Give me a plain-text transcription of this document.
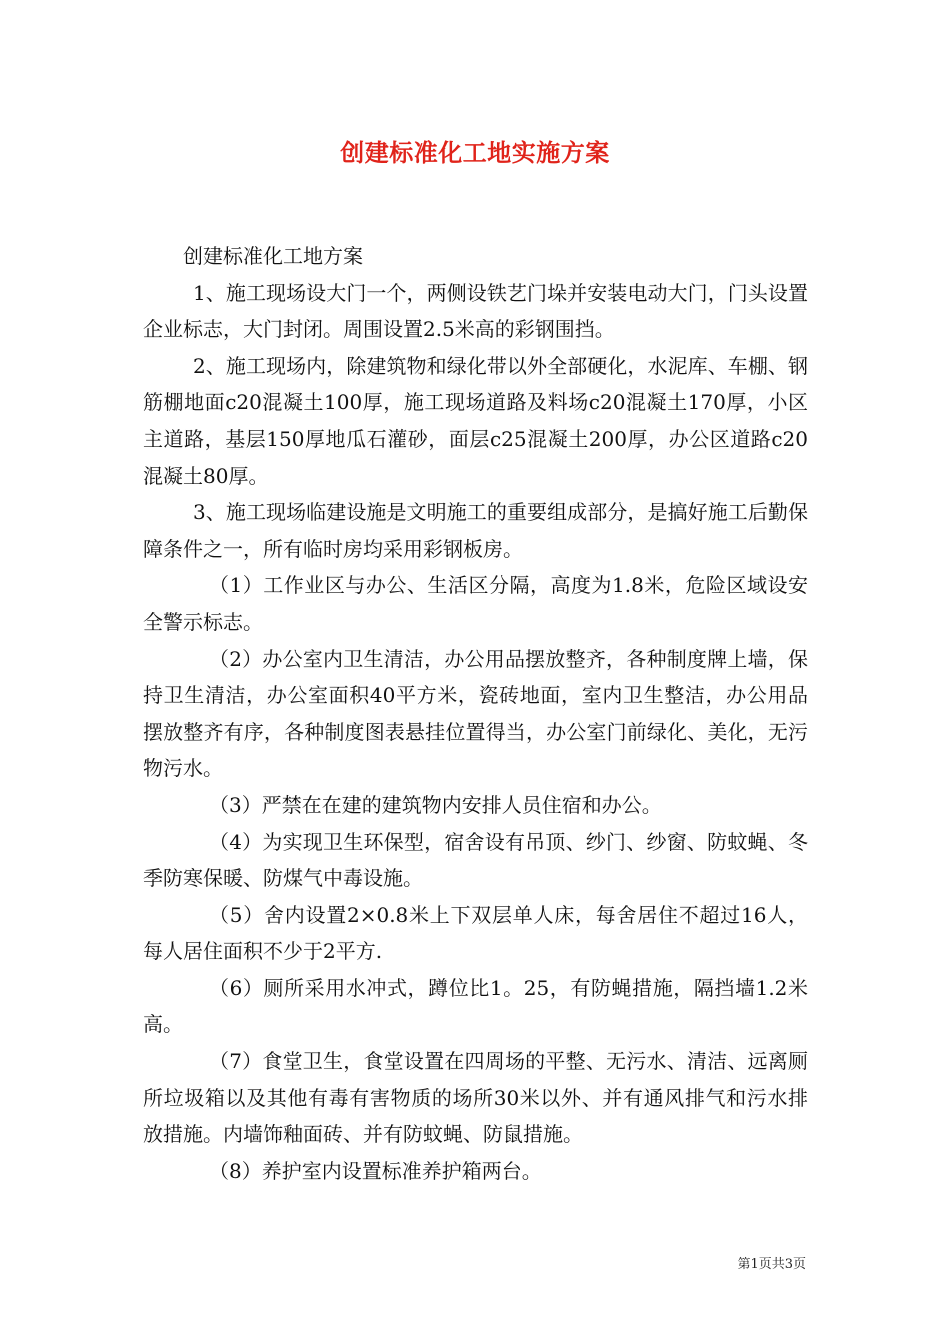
创建标准化工地实施方案

创建标准化工地方案

1、施工现场设大门一个，两侧设铁艺门垛并安装电动大门，门头设置企业标志，大门封闭。周围设置2.5米高的彩钢围挡。

2、施工现场内，除建筑物和绿化带以外全部硬化，水泥库、车棚、钢筋棚地面c20混凝土100厚，施工现场道路及料场c20混凝土170厚，小区主道路，基层150厚地瓜石灌砂，面层c25混凝土200厚，办公区道路c20混凝土80厚。

3、施工现场临建设施是文明施工的重要组成部分，是搞好施工后勤保障条件之一，所有临时房均采用彩钢板房。

（1）工作业区与办公、生活区分隔，高度为1.8米，危险区域设安全警示标志。

（2）办公室内卫生清洁，办公用品摆放整齐，各种制度牌上墙，保持卫生清洁，办公室面积40平方米，瓷砖地面，室内卫生整洁，办公用品摆放整齐有序，各种制度图表悬挂位置得当，办公室门前绿化、美化，无污物污水。

（3）严禁在在建的建筑物内安排人员住宿和办公。

（4）为实现卫生环保型，宿舍设有吊顶、纱门、纱窗、防蚊蝇、冬季防寒保暖、防煤气中毒设施。

（5）舍内设置2×0.8米上下双层单人床，每舍居住不超过16人，每人居住面积不少于2平方.

（6）厕所采用水冲式，蹲位比1。25，有防蝇措施，隔挡墙1.2米高。

（7）食堂卫生，食堂设置在四周场的平整、无污水、清洁、远离厕所垃圾箱以及其他有毒有害物质的场所30米以外、并有通风排气和污水排放措施。内墙饰釉面砖、并有防蚊蝇、防鼠措施。

（8）养护室内设置标准养护箱两台。

第1页共3页
